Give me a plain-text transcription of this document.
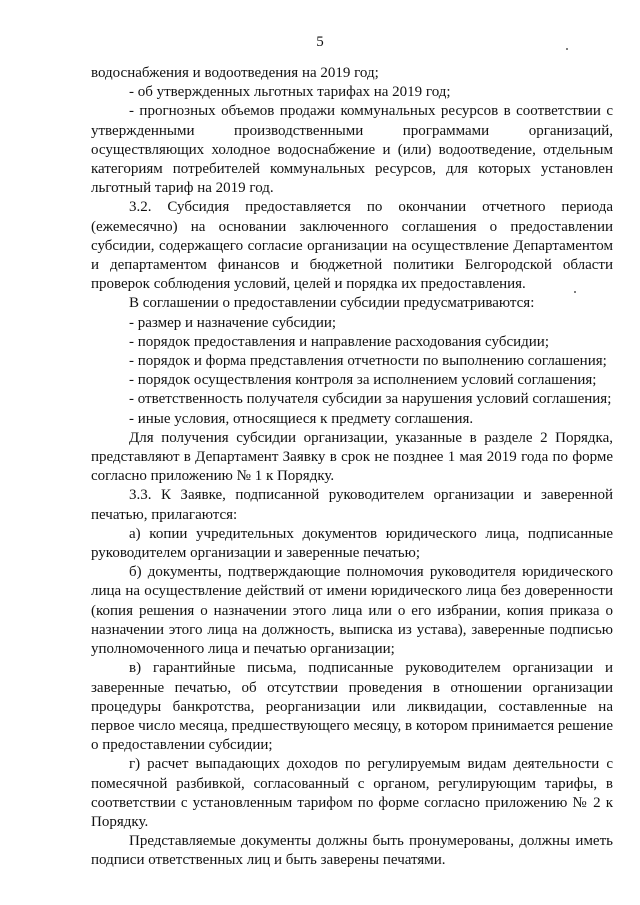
5

водоснабжения и водоотведения на 2019 год;

- об утвержденных льготных тарифах на 2019 год;

- прогнозных объемов продажи коммунальных ресурсов в соответствии с утвержденными производственными программами организаций, осуществляющих холодное водоснабжение и (или) водоотведение, отдельным категориям потребителей коммунальных ресурсов, для которых установлен льготный тариф на 2019 год.

3.2. Субсидия предоставляется по окончании отчетного периода (ежемесячно) на основании заключенного соглашения о предоставлении субсидии, содержащего согласие организации на осуществление Департаментом и департаментом финансов и бюджетной политики Белгородской области проверок соблюдения условий, целей и порядка их предоставления.

В соглашении о предоставлении субсидии предусматриваются:

- размер и назначение субсидии;

- порядок предоставления и направление расходования субсидии;

- порядок и форма представления отчетности по выполнению соглашения;

- порядок осуществления контроля за исполнением условий соглашения;

- ответственность получателя субсидии за нарушения условий соглашения;

- иные условия, относящиеся к предмету соглашения.

Для получения субсидии организации, указанные в разделе 2 Порядка, представляют в Департамент Заявку в срок не позднее 1 мая 2019 года по форме согласно приложению № 1 к Порядку.

3.3. К Заявке, подписанной руководителем организации и заверенной печатью, прилагаются:

а) копии учредительных документов юридического лица, подписанные руководителем организации и заверенные печатью;

б) документы, подтверждающие полномочия руководителя юридического лица на осуществление действий от имени юридического лица без доверенности (копия решения о назначении этого лица или о его избрании, копия приказа о назначении этого лица на должность, выписка из устава), заверенные подписью уполномоченного лица и печатью организации;

в) гарантийные письма, подписанные руководителем организации и заверенные печатью, об отсутствии проведения в отношении организации процедуры банкротства, реорганизации или ликвидации, составленные на первое число месяца, предшествующего месяцу, в котором принимается решение о предоставлении субсидии;

г) расчет выпадающих доходов по регулируемым видам деятельности с помесячной разбивкой, согласованный с органом, регулирующим тарифы, в соответствии с установленным тарифом по форме согласно приложению № 2 к Порядку.

Представляемые документы должны быть пронумерованы, должны иметь подписи ответственных лиц и быть заверены печатями.
